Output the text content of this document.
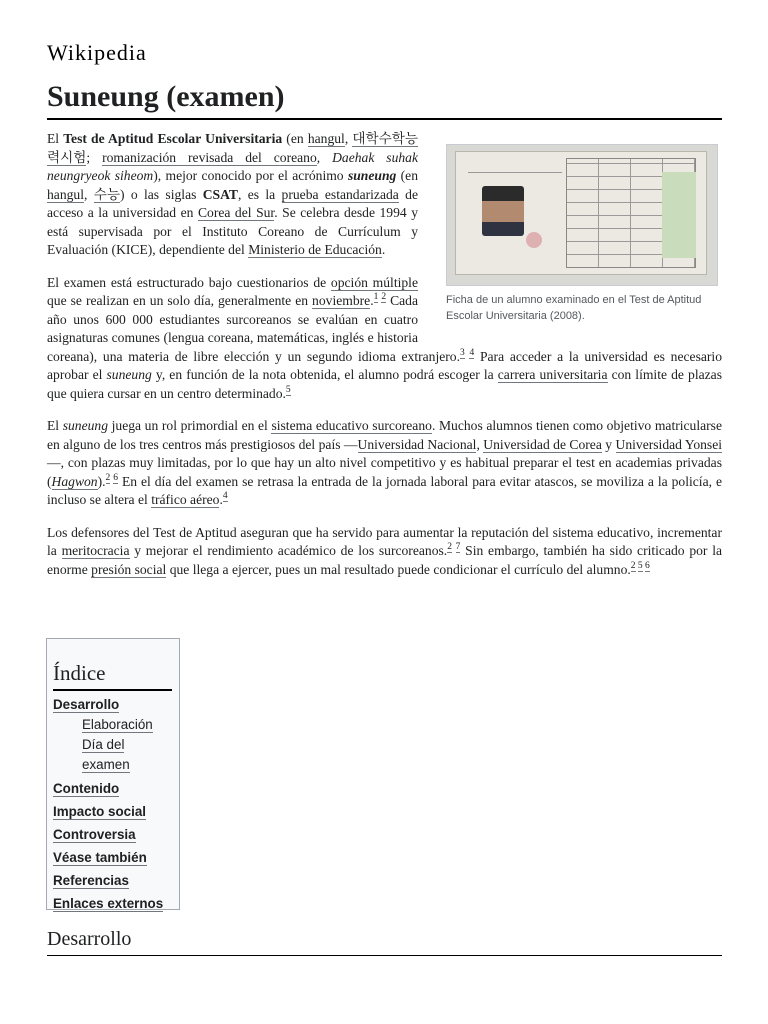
Wikipedia
Suneung (examen)
Ficha de un alumno examinado en el Test de Aptitud Escolar Universitaria (2008).

El Test de Aptitud Escolar Universitaria (en hangul, 대학수학능력시험; romanización revisada del coreano, Daehak suhak neungryeok siheom), mejor conocido por el acrónimo suneung (en hangul, 수능) o las siglas CSAT, es la prueba estandarizada de acceso a la universidad en Corea del Sur. Se celebra desde 1994 y está supervisada por el Instituto Coreano de Currículum y Evaluación (KICE), dependiente del Ministerio de Educación.

El examen está estructurado bajo cuestionarios de opción múltiple que se realizan en un solo día, generalmente en noviembre.$^{1 2}$ Cada año unos 600 000 estudiantes surcoreanos se evalúan en cuatro asignaturas comunes (lengua coreana, matemáticas, inglés e historia coreana), una materia de libre elección y un segundo idioma extranjero.$^{3 4}$ Para acceder a la universidad es necesario aprobar el suneung y, en función de la nota obtenida, el alumno podrá escoger la carrera universitaria con límite de plazas que quiera cursar en un centro determinado.$^5$

El suneung juega un rol primordial en el sistema educativo surcoreano. Muchos alumnos tienen como objetivo matricularse en alguno de los tres centros más prestigiosos del país —Universidad Nacional, Universidad de Corea y Universidad Yonsei—, con plazas muy limitadas, por lo que hay un alto nivel competitivo y es habitual preparar el test en academias privadas (Hagwon).$^{2 6}$ En el día del examen se retrasa la entrada de la jornada laboral para evitar atascos, se moviliza a la policía, e incluso se altera el tráfico aéreo.$^4$

Los defensores del Test de Aptitud aseguran que ha servido para aumentar la reputación del sistema educativo, incrementar la meritocracia y mejorar el rendimiento académico de los surcoreanos.$^{2 7}$ Sin embargo, también ha sido criticado por la enorme presión social que llega a ejercer, pues un mal resultado puede condicionar el currículo del alumno.$^{2 5 6}$

Índice
Desarrollo
Elaboración
Día del examen
Contenido
Impacto social
Controversia
Véase también
Referencias
Enlaces externos
Desarrollo
